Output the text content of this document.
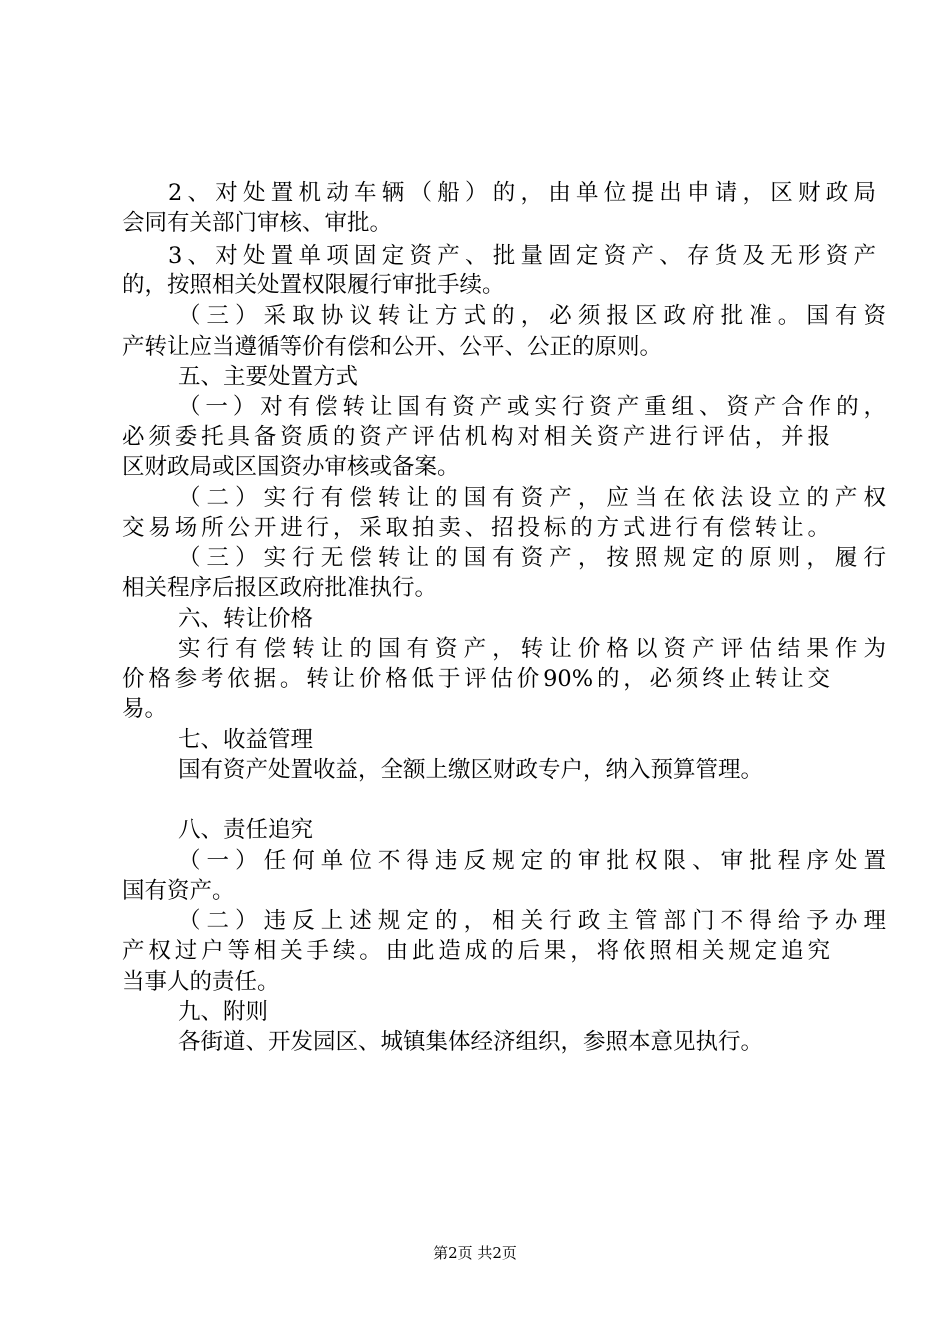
2、对处置机动车辆（船）的，由单位提出申请，区财政局
会同有关部门审核、审批。
3、对处置单项固定资产、批量固定资产、存货及无形资产
的，按照相关处置权限履行审批手续。
（三）采取协议转让方式的，必须报区政府批准。国有资
产转让应当遵循等价有偿和公开、公平、公正的原则。
五、主要处置方式
（一）对有偿转让国有资产或实行资产重组、资产合作的，
必须委托具备资质的资产评估机构对相关资产进行评估，并报
区财政局或区国资办审核或备案。
（二）实行有偿转让的国有资产，应当在依法设立的产权
交易场所公开进行，采取拍卖、招投标的方式进行有偿转让。
（三）实行无偿转让的国有资产，按照规定的原则，履行
相关程序后报区政府批准执行。
六、转让价格
实行有偿转让的国有资产，转让价格以资产评估结果作为
价格参考依据。转让价格低于评估价90%的，必须终止转让交
易。
七、收益管理
国有资产处置收益，全额上缴区财政专户，纳入预算管理。
八、责任追究
（一）任何单位不得违反规定的审批权限、审批程序处置
国有资产。
（二）违反上述规定的，相关行政主管部门不得给予办理
产权过户等相关手续。由此造成的后果，将依照相关规定追究
当事人的责任。
九、附则
各街道、开发园区、城镇集体经济组织，参照本意见执行。
第2页 共2页
